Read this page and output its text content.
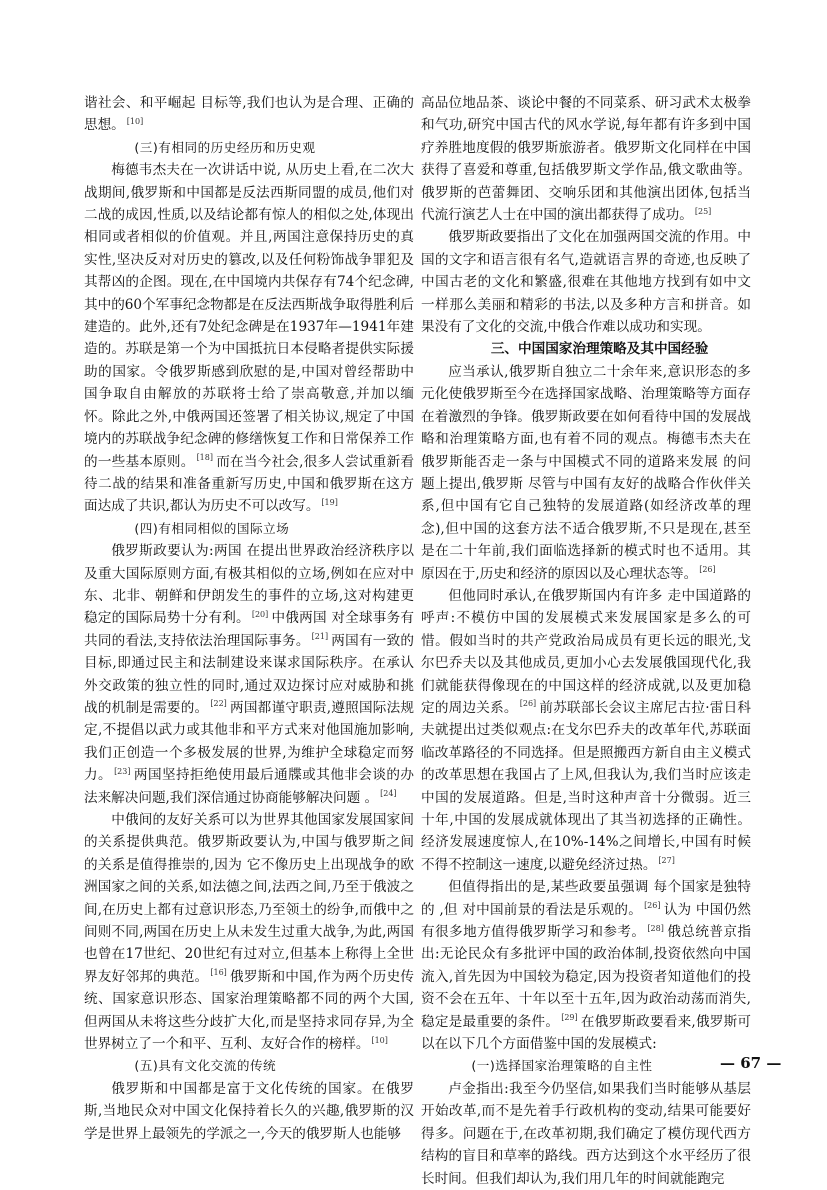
谐社会、和平崛起 目标等,我们也认为是合理、正确的思想。 [10]

(三)有相同的历史经历和历史观

梅德韦杰夫在一次讲话中说, 从历史上看,在二次大战期间,俄罗斯和中国都是反法西斯同盟的成员,他们对二战的成因,性质,以及结论都有惊人的相似之处,体现出相同或者相似的价值观。并且,两国注意保持历史的真实性,坚决反对对历史的篡改,以及任何粉饰战争罪犯及其帮凶的企图。现在,在中国境内共保存有74个纪念碑,其中的60个军事纪念物都是在反法西斯战争取得胜利后建造的。此外,还有7处纪念碑是在1937年—1941年建造的。苏联是第一个为中国抵抗日本侵略者提供实际援助的国家。令俄罗斯感到欣慰的是,中国对曾经帮助中国争取自由解放的苏联将士给了崇高敬意,并加以缅怀。除此之外,中俄两国还签署了相关协议,规定了中国境内的苏联战争纪念碑的修缮恢复工作和日常保养工作的一些基本原则。 [18] 而在当今社会,很多人尝试重新看待二战的结果和准备重新写历史,中国和俄罗斯在这方面达成了共识,都认为历史不可以改写。 [19]

(四)有相同相似的国际立场

俄罗斯政要认为:两国 在提出世界政治经济秩序以及重大国际原则方面,有极其相似的立场,例如在应对中东、北非、朝鲜和伊朗发生的事件的立场,这对构建更稳定的国际局势十分有利。 [20] 中俄两国 对全球事务有共同的看法,支持依法治理国际事务。 [21] 两国有一致的目标,即通过民主和法制建设来谋求国际秩序。在承认外交政策的独立性的同时,通过双边探讨应对威胁和挑战的机制是需要的。 [22] 两国都谨守职责,遵照国际法规定,不提倡以武力或其他非和平方式来对他国施加影响,我们正创造一个多极发展的世界,为维护全球稳定而努力。 [23] 两国坚持拒绝使用最后通牒或其他非会谈的办法来解决问题,我们深信通过协商能够解决问题 。 [24]

中俄间的友好关系可以为世界其他国家发展国家间的关系提供典范。俄罗斯政要认为,中国与俄罗斯之间的关系是值得推崇的,因为 它不像历史上出现战争的欧洲国家之间的关系,如法德之间,法西之间,乃至于俄波之间,在历史上都有过意识形态,乃至领土的纷争,而俄中之间则不同,两国在历史上从未发生过重大战争,为此,两国也曾在17世纪、20世纪有过对立,但基本上称得上全世界友好邻邦的典范。 [16] 俄罗斯和中国,作为两个历史传统、国家意识形态、国家治理策略都不同的两个大国,但两国从未将这些分歧扩大化,而是坚持求同存异,为全世界树立了一个和平、互利、友好合作的榜样。 [10]

(五)具有文化交流的传统

俄罗斯和中国都是富于文化传统的国家。在俄罗斯,当地民众对中国文化保持着长久的兴趣,俄罗斯的汉学是世界上最领先的学派之一,今天的俄罗斯人也能够

高品位地品茶、谈论中餐的不同菜系、研习武术太极拳和气功,研究中国古代的风水学说,每年都有许多到中国疗养胜地度假的俄罗斯旅游者。俄罗斯文化同样在中国获得了喜爱和尊重,包括俄罗斯文学作品,俄文歌曲等。俄罗斯的芭蕾舞团、交响乐团和其他演出团体,包括当代流行演艺人士在中国的演出都获得了成功。 [25]

俄罗斯政要指出了文化在加强两国交流的作用。中国的文字和语言很有名气,造就语言界的奇迹,也反映了中国古老的文化和繁盛,很难在其他地方找到有如中文一样那么美丽和精彩的书法,以及多种方言和拼音。如果没有了文化的交流,中俄合作难以成功和实现。

三、中国国家治理策略及其中国经验

应当承认,俄罗斯自独立二十余年来,意识形态的多元化使俄罗斯至今在选择国家战略、治理策略等方面存在着激烈的争锋。俄罗斯政要在如何看待中国的发展战略和治理策略方面,也有着不同的观点。梅德韦杰夫在 俄罗斯能否走一条与中国模式不同的道路来发展 的问题上提出,俄罗斯 尽管与中国有友好的战略合作伙伴关系,但中国有它自己独特的发展道路(如经济改革的理念),但中国的这套方法不适合俄罗斯,不只是现在,甚至是在二十年前,我们面临选择新的模式时也不适用。其原因在于,历史和经济的原因以及心理状态等。 [26]

但他同时承认,在俄罗斯国内有许多 走中国道路的呼声:不模仿中国的发展模式来发展国家是多么的可惜。假如当时的共产党政治局成员有更长远的眼光,戈尔巴乔夫以及其他成员,更加小心去发展俄国现代化,我们就能获得像现在的中国这样的经济成就,以及更加稳定的周边关系。 [26] 前苏联部长会议主席尼古拉·雷日科夫就提出过类似观点:在戈尔巴乔夫的改革年代,苏联面临改革路径的不同选择。但是照搬西方新自由主义模式的改革思想在我国占了上风,但我认为,我们当时应该走中国的发展道路。但是,当时这种声音十分微弱。近三十年,中国的发展成就体现出了其当初选择的正确性。经济发展速度惊人,在10%-14%之间增长,中国有时候不得不控制这一速度,以避免经济过热。 [27]

但值得指出的是,某些政要虽强调 每个国家是独特的 ,但 对中国前景的看法是乐观的。 [26] 认为 中国仍然有很多地方值得俄罗斯学习和参考。 [28] 俄总统普京指出:无论民众有多批评中国的政治体制,投资依然向中国流入,首先因为中国较为稳定,因为投资者知道他们的投资不会在五年、十年以至十五年,因为政治动荡而消失,稳定是最重要的条件。 [29] 在俄罗斯政要看来,俄罗斯可以在以下几个方面借鉴中国的发展模式:

(一)选择国家治理策略的自主性

卢金指出:我至今仍坚信,如果我们当时能够从基层开始改革,而不是先着手行政机构的变动,结果可能要好得多。问题在于,在改革初期,我们确定了模仿现代西方结构的盲目和草率的路线。西方达到这个水平经历了很长时间。但我们却认为,我们用几年的时间就能跑完

— 67 —
